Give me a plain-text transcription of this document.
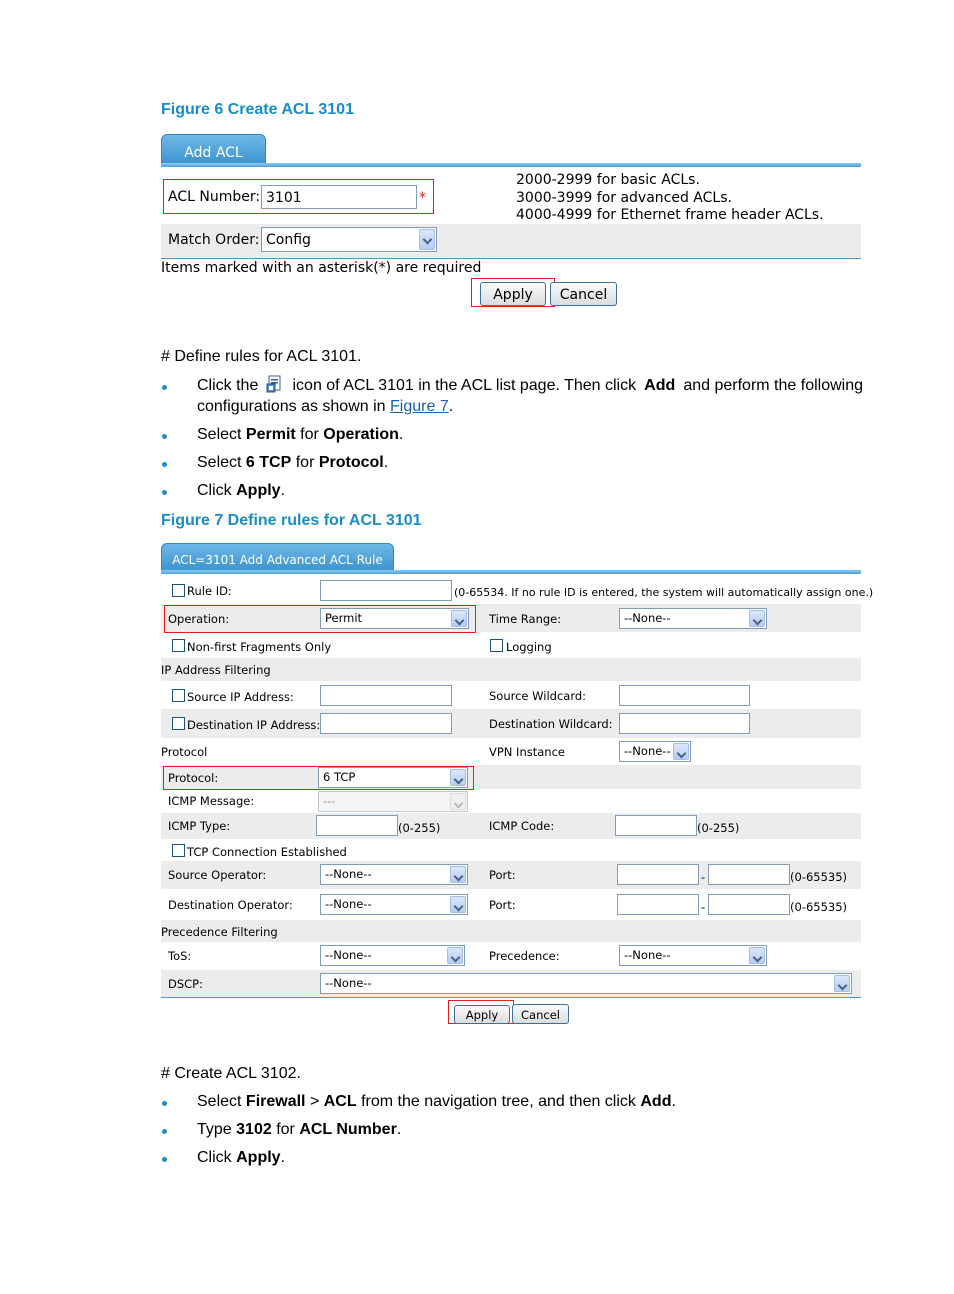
Figure 6 Create ACL 3101
Add ACL
ACL Number: 3101	*
2000-2999 for basic ACLs.
3000-3999 for advanced ACLs.
4000-4999 for Ethernet frame header ACLs.
Match Order: Config
Items marked with an asterisk(*) are required
Apply	Cancel
# Define rules for ACL 3101.
Click the icon of ACL 3101 in the ACL list page. Then click Add and perform the following
configurations as shown in Figure 7.
Select Permit for Operation.
Select 6 TCP for Protocol.
Click Apply.
Figure 7 Define rules for ACL 3101
ACL=3101 Add Advanced ACL Rule
Rule ID:	(0-65534. If no rule ID is entered, the system will automatically assign one.)
Operation:	Permit	Time Range:	--None--
Non-first Fragments Only	Logging
IP Address Filtering
Source IP Address:	Source Wildcard:
Destination IP Address:	Destination Wildcard:
Protocol	VPN Instance	--None--
Protocol:	6 TCP
ICMP Message:	---
ICMP Type:	(0-255)	ICMP Code:	(0-255)
TCP Connection Established
Source Operator:	--None--	Port:	-	(0-65535)
Destination Operator:	--None--	Port:	-	(0-65535)
Precedence Filtering
ToS:	--None--	Precedence:	--None--
DSCP:	--None--
Apply	Cancel
# Create ACL 3102.
Select Firewall > ACL from the navigation tree, and then click Add.
Type 3102 for ACL Number.
Click Apply.
